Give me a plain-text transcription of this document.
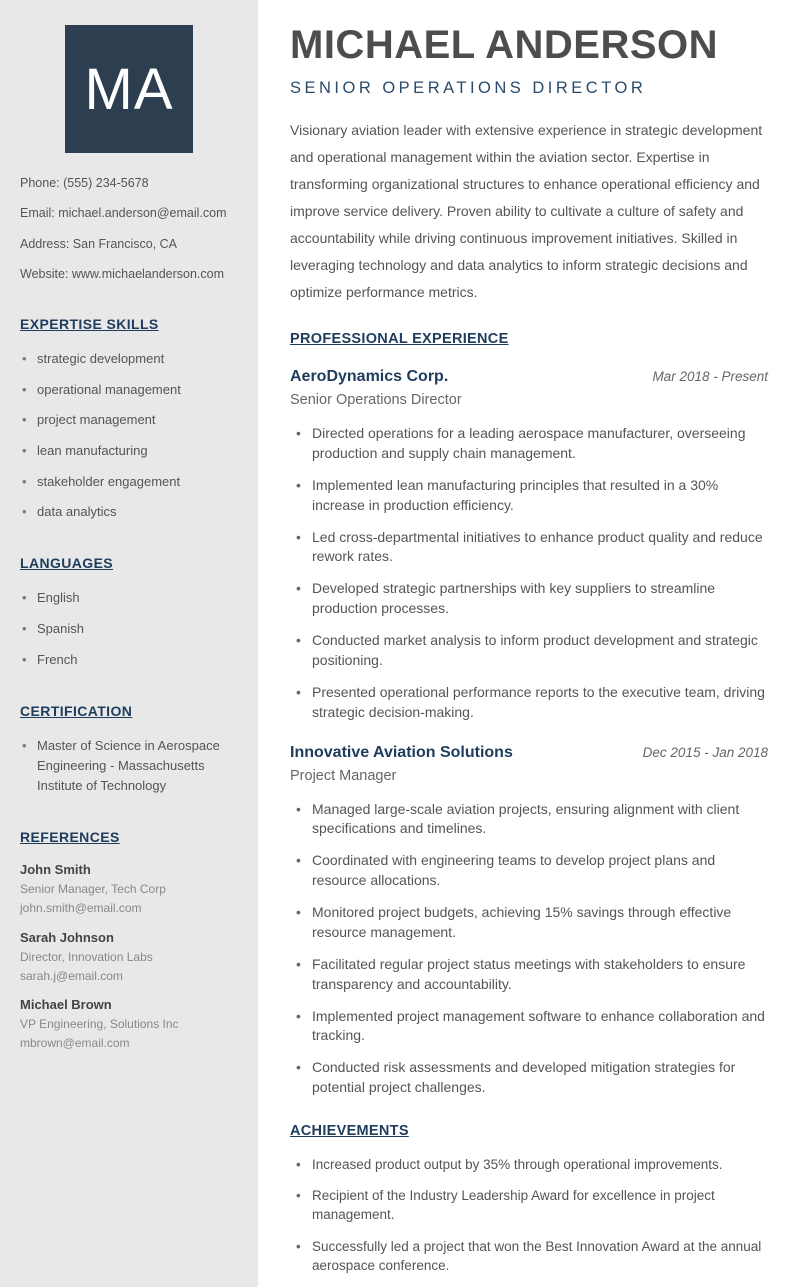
MA

Phone: (555) 234-5678

Email: michael.anderson@email.com

Address: San Francisco, CA

Website: www.michaelanderson.com

EXPERTISE SKILLS
• strategic development
• operational management
• project management
• lean manufacturing
• stakeholder engagement
• data analytics
LANGUAGES
• English
• Spanish
• French
CERTIFICATION
• Master of Science in Aerospace Engineering - Massachusetts Institute of Technology
REFERENCES

John Smith

Senior Manager, Tech Corp

john.smith@email.com

Sarah Johnson

Director, Innovation Labs

sarah.j@email.com

Michael Brown

VP Engineering, Solutions Inc

mbrown@email.com

MICHAEL ANDERSON
SENIOR OPERATIONS DIRECTOR

Visionary aviation leader with extensive experience in strategic development and operational management within the aviation sector. Expertise in transforming organizational structures to enhance operational efficiency and improve service delivery. Proven ability to cultivate a culture of safety and accountability while driving continuous improvement initiatives. Skilled in leveraging technology and data analytics to inform strategic decisions and optimize performance metrics.

PROFESSIONAL EXPERIENCE
AeroDynamics Corp.	Mar 2018 - Present
Senior Operations Director
• Directed operations for a leading aerospace manufacturer, overseeing production and supply chain management.
• Implemented lean manufacturing principles that resulted in a 30% increase in production efficiency.
• Led cross-departmental initiatives to enhance product quality and reduce rework rates.
• Developed strategic partnerships with key suppliers to streamline production processes.
• Conducted market analysis to inform product development and strategic positioning.
• Presented operational performance reports to the executive team, driving strategic decision-making.
Innovative Aviation Solutions	Dec 2015 - Jan 2018
Project Manager
• Managed large-scale aviation projects, ensuring alignment with client specifications and timelines.
• Coordinated with engineering teams to develop project plans and resource allocations.
• Monitored project budgets, achieving 15% savings through effective resource management.
• Facilitated regular project status meetings with stakeholders to ensure transparency and accountability.
• Implemented project management software to enhance collaboration and tracking.
• Conducted risk assessments and developed mitigation strategies for potential project challenges.
ACHIEVEMENTS
• Increased product output by 35% through operational improvements.
• Recipient of the Industry Leadership Award for excellence in project management.
• Successfully led a project that won the Best Innovation Award at the annual aerospace conference.
